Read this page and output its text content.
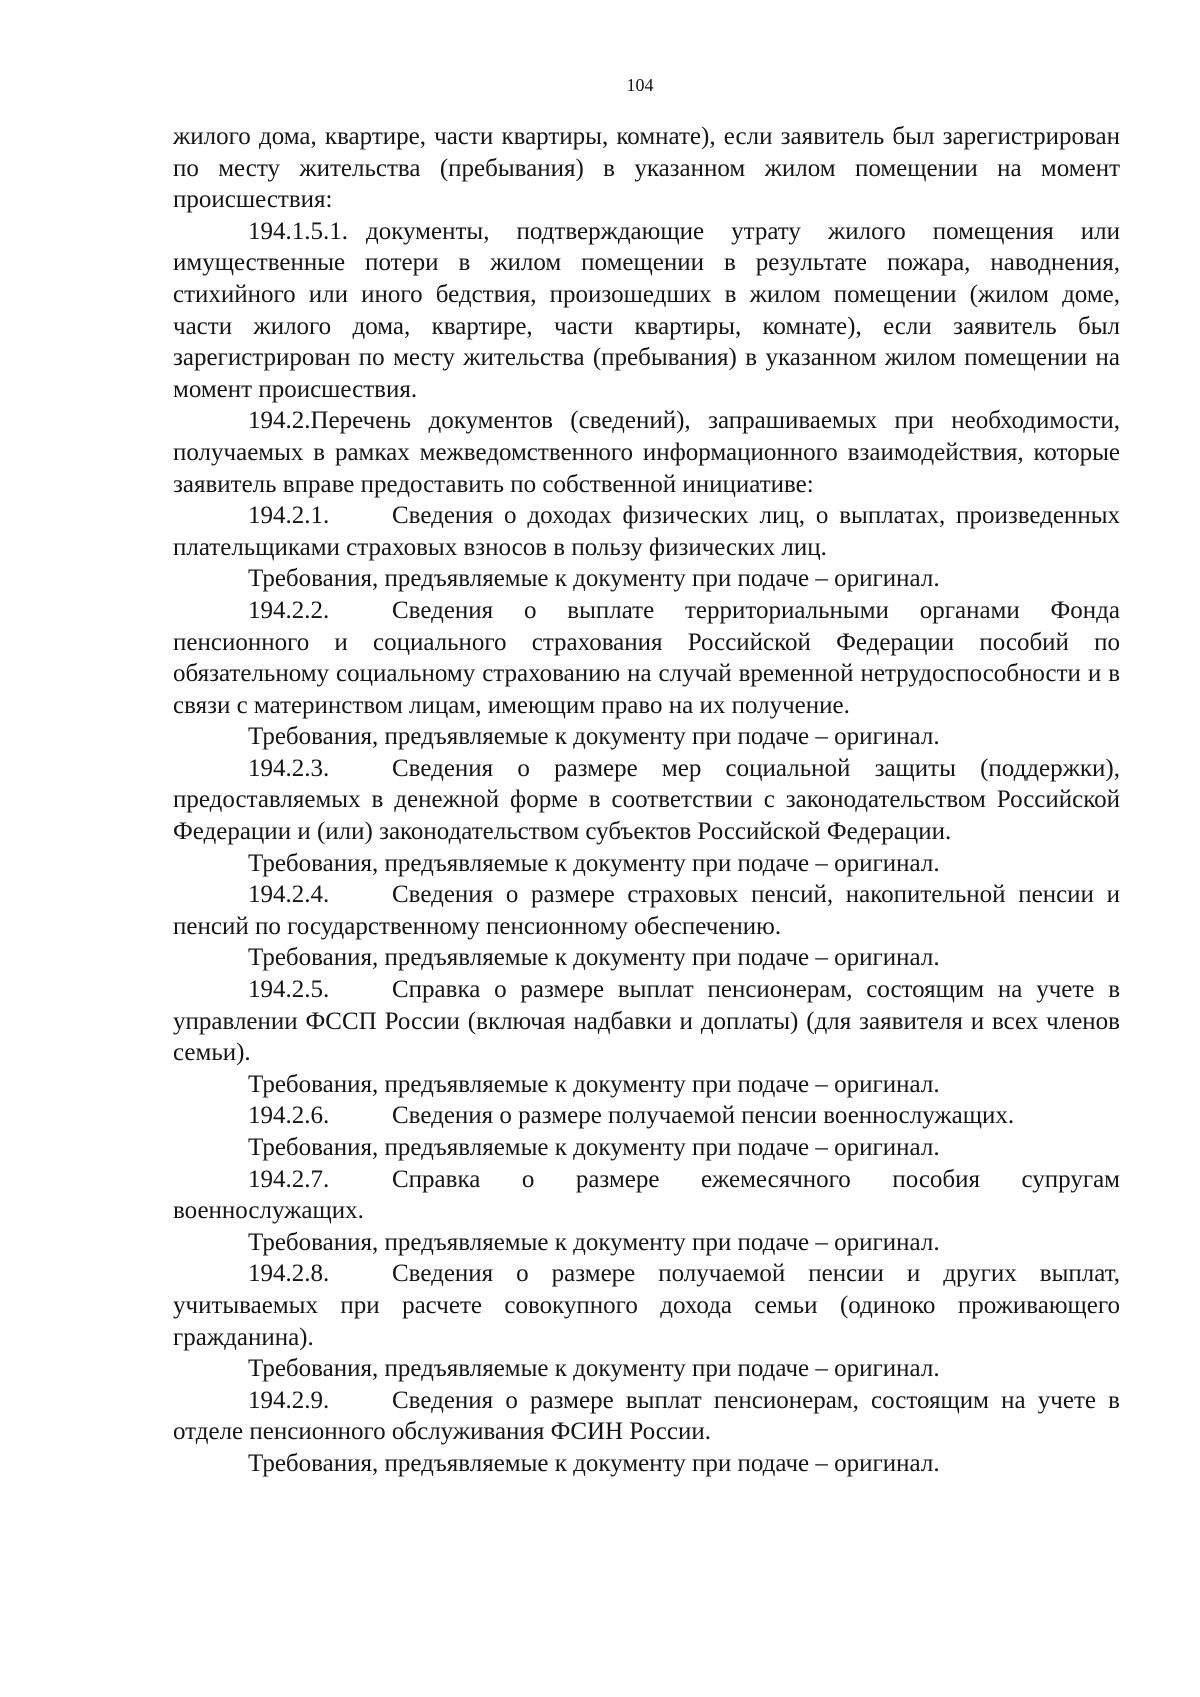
104

жилого дома, квартире, части квартиры, комнате), если заявитель был зарегистрирован по месту жительства (пребывания) в указанном жилом помещении на момент происшествия:

194.1.5.1. документы, подтверждающие утрату жилого помещения или имущественные потери в жилом помещении в результате пожара, наводнения, стихийного или иного бедствия, произошедших в жилом помещении (жилом доме, части жилого дома, квартире, части квартиры, комнате), если заявитель был зарегистрирован по месту жительства (пребывания) в указанном жилом помещении на момент происшествия.

194.2.Перечень документов (сведений), запрашиваемых при необходимости, получаемых в рамках межведомственного информационного взаимодействия, которые заявитель вправе предоставить по собственной инициативе:

194.2.1.	Сведения о доходах физических лиц, о выплатах, произведенных плательщиками страховых взносов в пользу физических лиц.

Требования, предъявляемые к документу при подаче – оригинал.

194.2.2.	Сведения о выплате территориальными органами Фонда пенсионного и социального страхования Российской Федерации пособий по обязательному социальному страхованию на случай временной нетрудоспособности и в связи с материнством лицам, имеющим право на их получение.

Требования, предъявляемые к документу при подаче – оригинал.

194.2.3.	Сведения о размере мер социальной защиты (поддержки), предоставляемых в денежной форме в соответствии с законодательством Российской Федерации и (или) законодательством субъектов Российской Федерации.

Требования, предъявляемые к документу при подаче – оригинал.

194.2.4.	Сведения о размере страховых пенсий, накопительной пенсии и пенсий по государственному пенсионному обеспечению.

Требования, предъявляемые к документу при подаче – оригинал.

194.2.5.	Справка о размере выплат пенсионерам, состоящим на учете в управлении ФССП России (включая надбавки и доплаты) (для заявителя и всех членов семьи).

Требования, предъявляемые к документу при подаче – оригинал.

194.2.6.	Сведения о размере получаемой пенсии военнослужащих.

Требования, предъявляемые к документу при подаче – оригинал.

194.2.7.	Справка о размере ежемесячного пособия супругам военнослужащих.

Требования, предъявляемые к документу при подаче – оригинал.

194.2.8.	Сведения о размере получаемой пенсии и других выплат, учитываемых при расчете совокупного дохода семьи (одиноко проживающего гражданина).

Требования, предъявляемые к документу при подаче – оригинал.

194.2.9.	Сведения о размере выплат пенсионерам, состоящим на учете в отделе пенсионного обслуживания ФСИН России.

Требования, предъявляемые к документу при подаче – оригинал.
